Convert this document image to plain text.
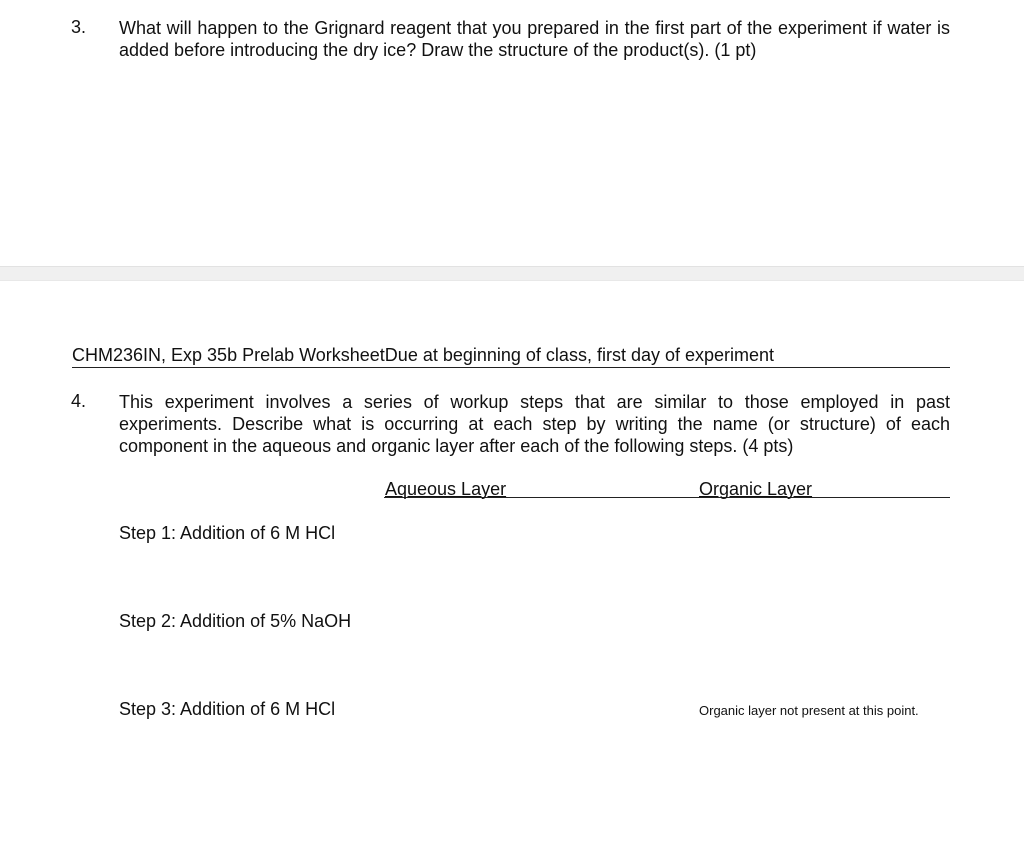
3. What will happen to the Grignard reagent that you prepared in the first part of the experiment if water is added before introducing the dry ice? Draw the structure of the product(s). (1 pt)
CHM236IN, Exp 35b Prelab WorksheetDue at beginning of class, first day of experiment
4. This experiment involves a series of workup steps that are similar to those employed in past experiments. Describe what is occurring at each step by writing the name (or structure) of each component in the aqueous and organic layer after each of the following steps. (4 pts)
Aqueous Layer	Organic Layer
Step 1: Addition of 6 M HCl
Step 2: Addition of 5% NaOH
Step 3: Addition of 6 M HCl	Organic layer not present at this point.
